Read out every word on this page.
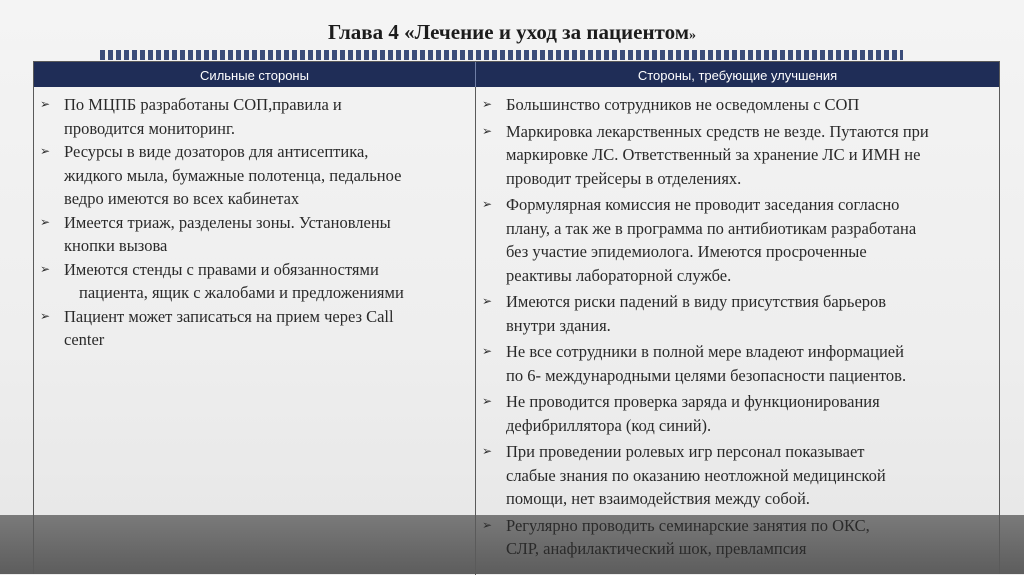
Глава 4 «Лечение и уход за пациентом»
Сильные стороны	Стороны, требующие улучшения
➢ По МЦПБ разработаны СОП,правила и
проводится мониторинг.
➢ Ресурсы в виде дозаторов для антисептика,
жидкого мыла, бумажные полотенца, педальное
ведро имеются во всех кабинетах
➢ Имеется триаж, разделены зоны. Установлены
кнопки вызова
➢ Имеются стенды с правами и обязанностями
пациента, ящик с жалобами и предложениями
➢ Пациент может записаться на прием через Call
center
➢ Большинство сотрудников не осведомлены с СОП
➢ Маркировка лекарственных средств не везде. Путаются при
маркировке ЛС. Ответственный за хранение ЛС и ИМН не
проводит трейсеры в отделениях.
➢ Формулярная комиссия не проводит заседания согласно
плану, а так же в программа по антибиотикам разработана
без участие эпидемиолога. Имеются просроченные
реактивы лабораторной службе.
➢ Имеются риски падений в виду присутствия барьеров
внутри здания.
➢ Не все сотрудники в полной мере владеют информацией
по 6- международными целями безопасности пациентов.
➢ Не проводится проверка заряда и функционирования
дефибриллятора (код синий).
➢ При проведении ролевых игр персонал показывает
слабые знания по оказанию неотложной медицинской
помощи, нет взаимодействия между собой.
➢ Регулярно проводить семинарские занятия по ОКС,
СЛР, анафилактический шок, превлампсия
